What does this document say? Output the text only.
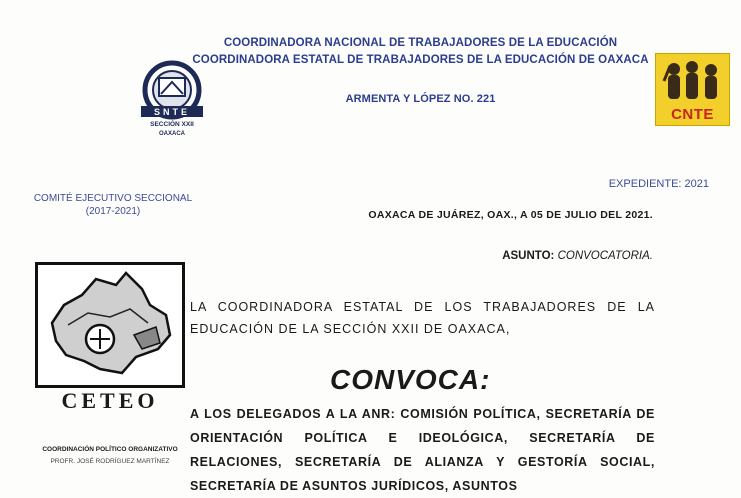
COORDINADORA NACIONAL DE TRABAJADORES DE LA EDUCACIÓN
COORDINADORA ESTATAL DE TRABAJADORES DE LA EDUCACIÓN DE OAXACA
ARMENTA Y LÓPEZ NO. 221
SNTE
SECCIÓN XXII
OAXACA
CNTE
COMITÉ EJECUTIVO SECCIONAL
(2017-2021)
EXPEDIENTE: 2021
OAXACA DE JUÁREZ, OAX., A 05 DE JULIO DEL 2021.
ASUNTO: CONVOCATORIA.
CETEO
COORDINACIÓN POLÍTICO ORGANIZATIVO
PROFR. JOSÉ RODRÍGUEZ MARTÍNEZ
LA COORDINADORA ESTATAL DE LOS TRABAJADORES DE LA EDUCACIÓN DE LA SECCIÓN XXII DE OAXACA,
CONVOCA:
A LOS DELEGADOS A LA ANR: COMISIÓN POLÍTICA, SECRETARÍA DE ORIENTACIÓN POLÍTICA E IDEOLÓGICA, SECRETARÍA DE RELACIONES, SECRETARÍA DE ALIANZA Y GESTORÍA SOCIAL, SECRETARÍA DE ASUNTOS JURÍDICOS, ASUNTOS
